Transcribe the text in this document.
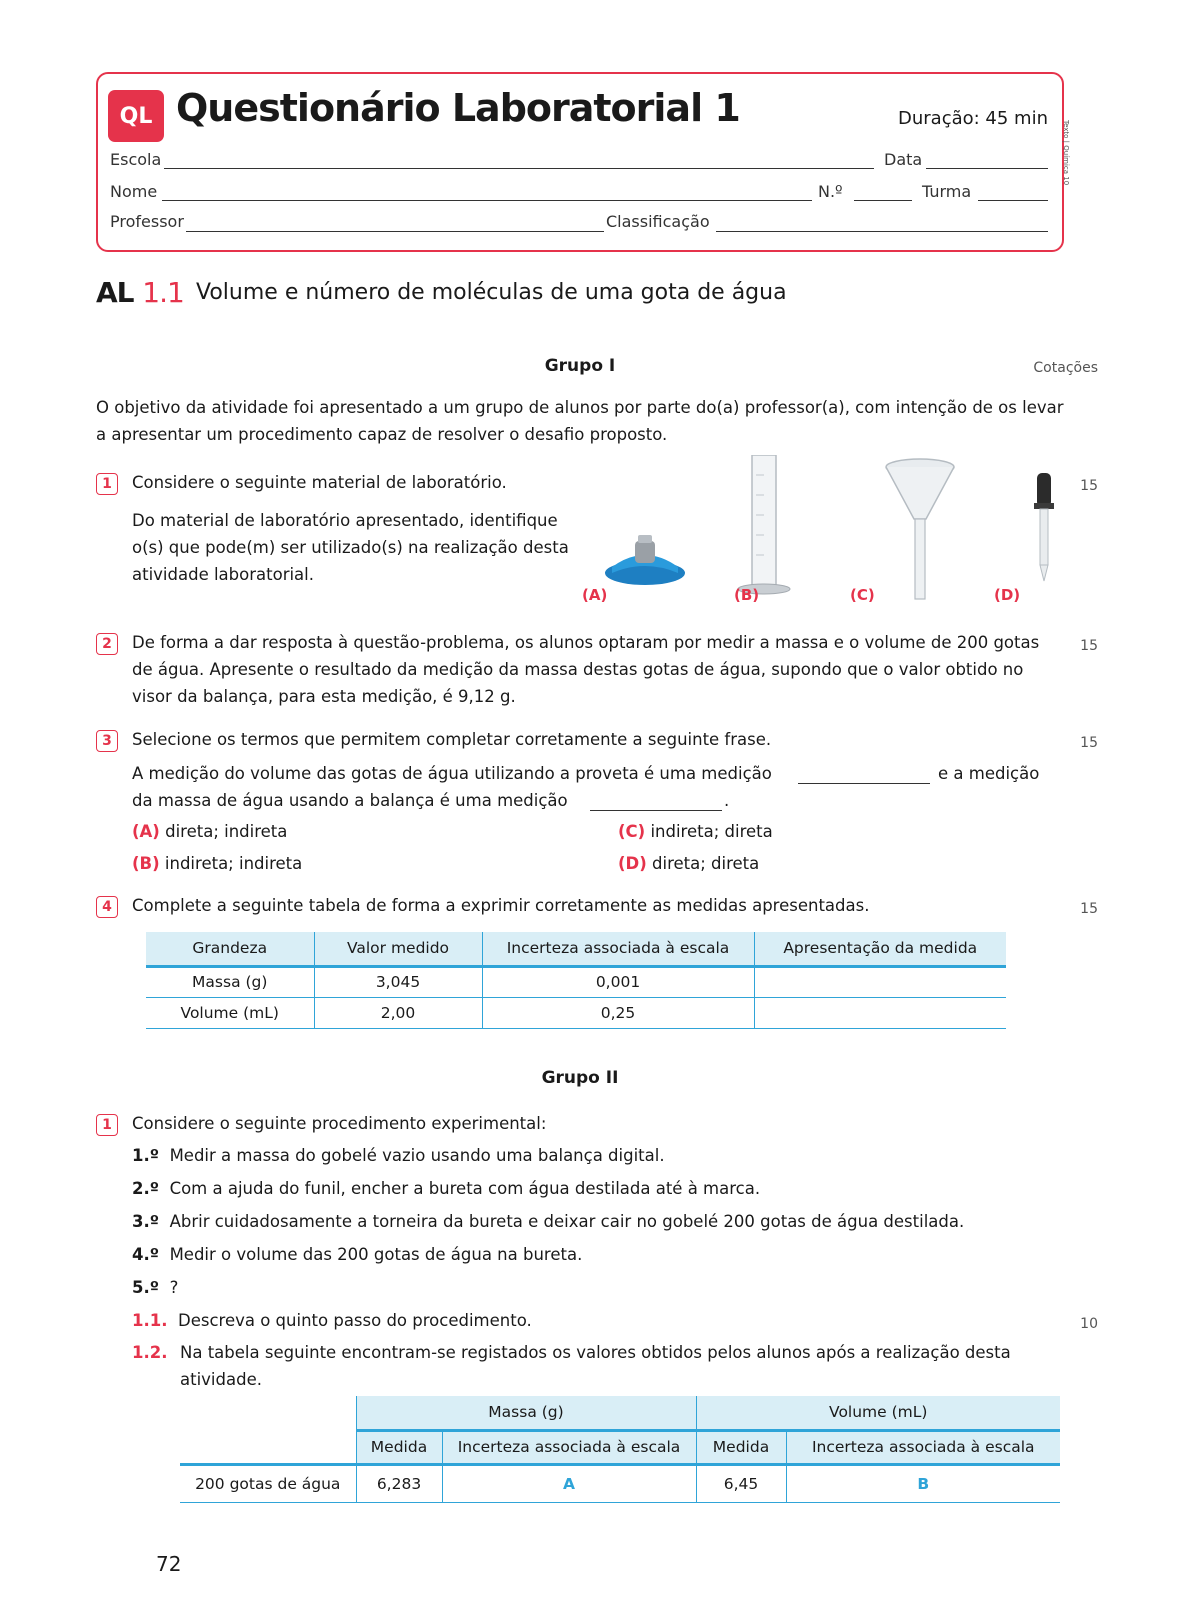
QL Questionário Laboratorial 1	Duração: 45 min
Texto | Química 10
Escola	Data
Nome	N.º	Turma
Professor	Classificação
AL 1.1 Volume e número de moléculas de uma gota de água
Grupo I	Cotações
O objetivo da atividade foi apresentado a um grupo de alunos por parte do(a) professor(a), com intenção de os levar a apresentar um procedimento capaz de resolver o desafio proposto.
1	Considere o seguinte material de laboratório.
Do material de laboratório apresentado, identifique o(s) que pode(m) ser utilizado(s) na realização desta atividade laboratorial.
15
(A)	(B)	(C)	(D)
2	De forma a dar resposta à questão-problema, os alunos optaram por medir a massa e o volume de 200 gotas de água. Apresente o resultado da medição da massa destas gotas de água, supondo que o valor obtido no visor da balança, para esta medição, é 9,12 g.
15
3	Selecione os termos que permitem completar corretamente a seguinte frase.	15
A medição do volume das gotas de água utilizando a proveta é uma medição	e a medição
da massa de água usando a balança é uma medição	.
(A) direta; indireta
(B) indireta; indireta
(C) indireta; direta
(D) direta; direta
4	Complete a seguinte tabela de forma a exprimir corretamente as medidas apresentadas.	15
Grandeza	Valor medido	Incerteza associada à escala	Apresentação da medida
Massa (g)	3,045	0,001	
Volume (mL)	2,00	0,25	
Grupo II
1	Considere o seguinte procedimento experimental:
1.º Medir a massa do gobelé vazio usando uma balança digital.
2.º Com a ajuda do funil, encher a bureta com água destilada até à marca.
3.º Abrir cuidadosamente a torneira da bureta e deixar cair no gobelé 200 gotas de água destilada.
4.º Medir o volume das 200 gotas de água na bureta.
5.º ?
1.1. Descreva o quinto passo do procedimento.	10
1.2. Na tabela seguinte encontram-se registados os valores obtidos pelos alunos após a realização desta atividade.
	Massa (g)		Volume (mL)	
	Medida	Incerteza associada à escala	Medida	Incerteza associada à escala
200 gotas de água	6,283	A	6,45	B
72
